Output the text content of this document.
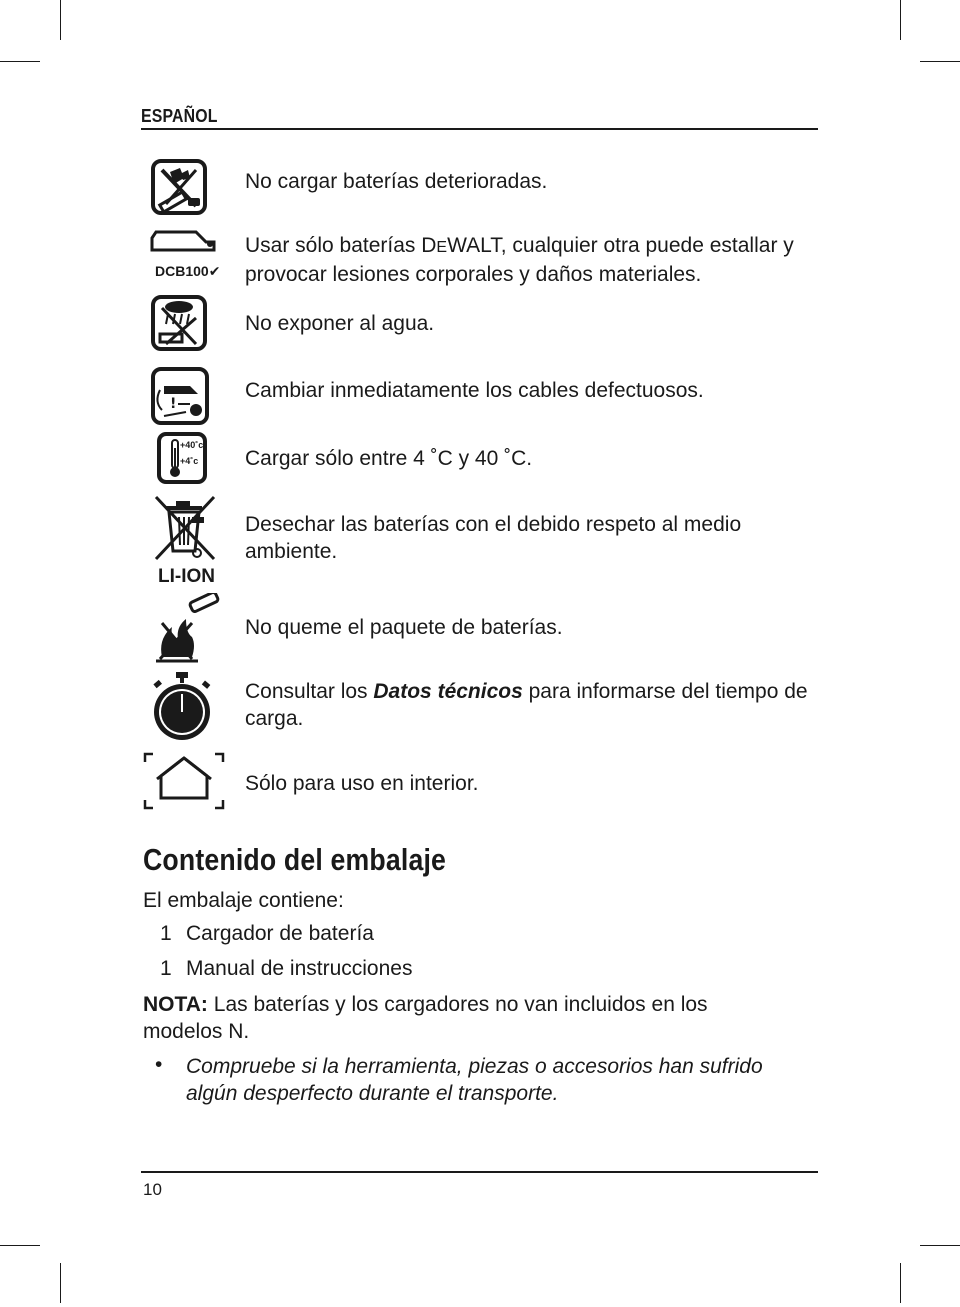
ESPAÑOL
No cargar baterías deterioradas.
DCB100✔
Usar sólo baterías DEWALT, cualquier otra puede estallar y provocar lesiones corporales y daños materiales.
No exponer al agua.
!
Cambiar inmediatamente los cables defectuosos.
+40˚c
+4˚c Cargar sólo entre 4 ˚C y 40 ˚C.
LI-ION
Desechar las baterías con el debido respeto al medio ambiente.
No queme el paquete de baterías.
Consultar los Datos técnicos para informarse del tiempo de carga.
Sólo para uso en interior.
Contenido del embalaje
El embalaje contiene:
1 Cargador de batería
1 Manual de instrucciones
NOTA: Las baterías y los cargadores no van incluidos en los modelos N.
• Compruebe si la herramienta, piezas o accesorios han sufrido algún desperfecto durante el transporte.
10
